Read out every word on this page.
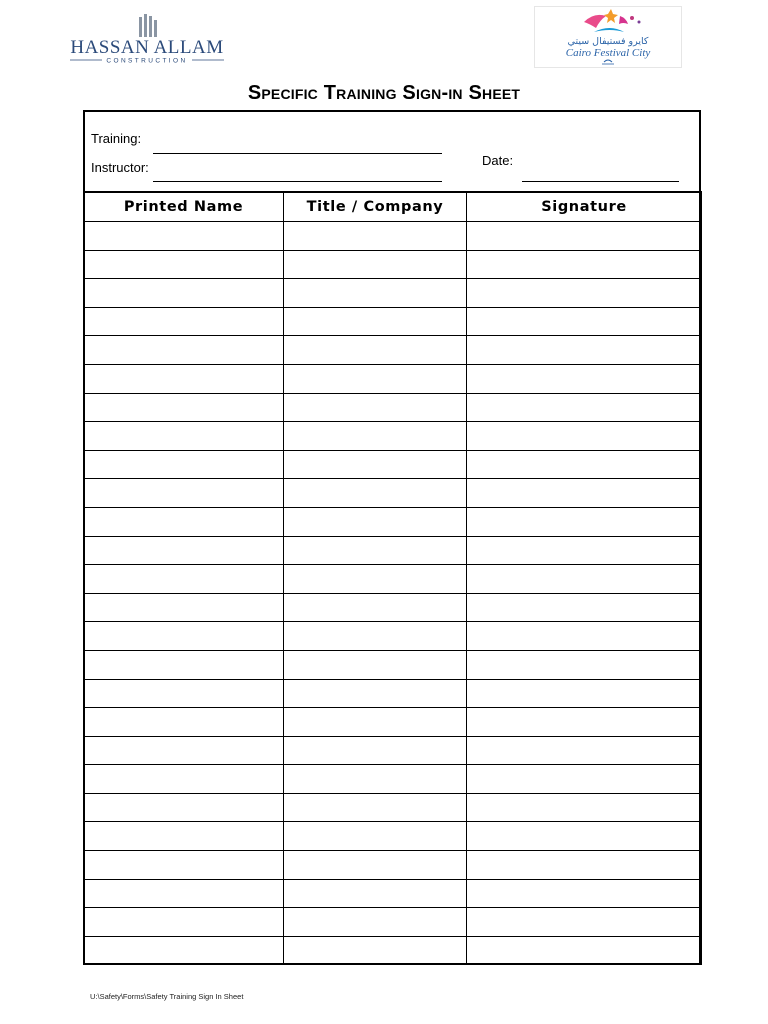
HASSAN ALLAM
CONSTRUCTION
كايرو فستيفال سيتي
Cairo Festival City
Specific Training Sign-in Sheet
Training:
Instructor:	Date:
Printed Name	Title / Company	Signature

U:\Safety\Forms\Safety Training Sign In Sheet
